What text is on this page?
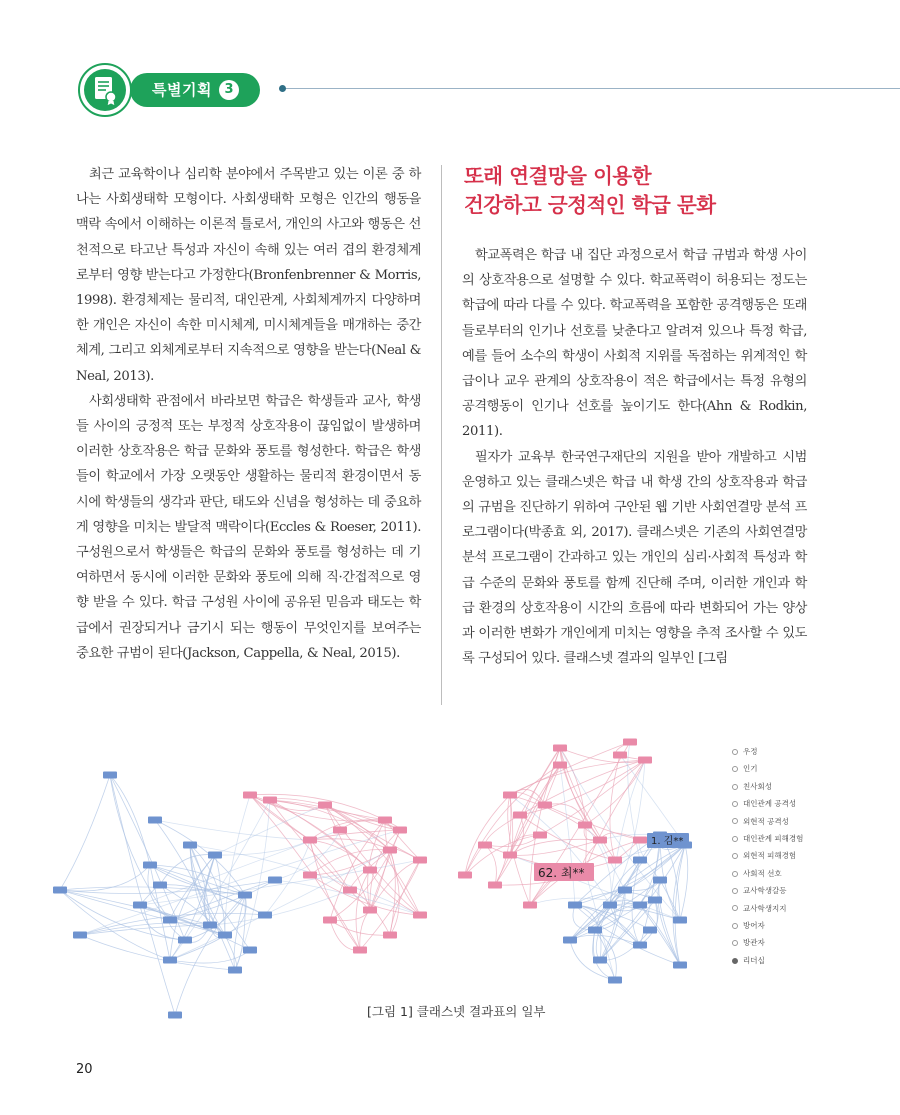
특별기획 3

최근 교육학이나 심리학 분야에서 주목받고 있는 이론 중 하나는 사회생태학 모형이다. 사회생태학 모형은 인간의 행동을 맥락 속에서 이해하는 이론적 틀로서, 개인의 사고와 행동은 선천적으로 타고난 특성과 자신이 속해 있는 여러 겹의 환경체계로부터 영향 받는다고 가정한다(Bronfenbrenner & Morris, 1998). 환경체제는 물리적, 대인관계, 사회체계까지 다양하며 한 개인은 자신이 속한 미시체계, 미시체계들을 매개하는 중간체계, 그리고 외체계로부터 지속적으로 영향을 받는다(Neal & Neal, 2013).

사회생태학 관점에서 바라보면 학급은 학생들과 교사, 학생들 사이의 긍정적 또는 부정적 상호작용이 끊임없이 발생하며 이러한 상호작용은 학급 문화와 풍토를 형성한다. 학급은 학생들이 학교에서 가장 오랫동안 생활하는 물리적 환경이면서 동시에 학생들의 생각과 판단, 태도와 신념을 형성하는 데 중요하게 영향을 미치는 발달적 맥락이다(Eccles & Roeser, 2011). 구성원으로서 학생들은 학급의 문화와 풍토를 형성하는 데 기여하면서 동시에 이러한 문화와 풍토에 의해 직·간접적으로 영향 받을 수 있다. 학급 구성원 사이에 공유된 믿음과 태도는 학급에서 권장되거나 금기시 되는 행동이 무엇인지를 보여주는 중요한 규범이 된다(Jackson, Cappella, & Neal, 2015).

또래 연결망을 이용한
건강하고 긍정적인 학급 문화

학교폭력은 학급 내 집단 과정으로서 학급 규범과 학생 사이의 상호작용으로 설명할 수 있다. 학교폭력이 허용되는 정도는 학급에 따라 다를 수 있다. 학교폭력을 포함한 공격행동은 또래들로부터의 인기나 선호를 낮춘다고 알려져 있으나 특정 학급, 예를 들어 소수의 학생이 사회적 지위를 독점하는 위계적인 학급이나 교우 관계의 상호작용이 적은 학급에서는 특정 유형의 공격행동이 인기나 선호를 높이기도 한다(Ahn & Rodkin, 2011).

필자가 교육부 한국연구재단의 지원을 받아 개발하고 시범 운영하고 있는 클래스넷은 학급 내 학생 간의 상호작용과 학급의 규범을 진단하기 위하여 구안된 웹 기반 사회연결망 분석 프로그램이다(박종효 외, 2017). 클래스넷은 기존의 사회연결망 분석 프로그램이 간과하고 있는 개인의 심리·사회적 특성과 학급 수준의 문화와 풍토를 함께 진단해 주며, 이러한 개인과 학급 환경의 상호작용이 시간의 흐름에 따라 변화되어 가는 양상과 이러한 변화가 개인에게 미치는 영향을 추적 조사할 수 있도록 구성되어 있다. 클래스넷 결과의 일부인 [그림

62. 최**
1. 김**
우정
인기
친사회성
대인관계 공격성
외현적 공격성
대인관계 피해경험
외현적 피해경험
사회적 선호
교사학생갈등
교사학생지지
방어자
방관자
리더십
[그림 1] 클래스넷 결과표의 일부
20
